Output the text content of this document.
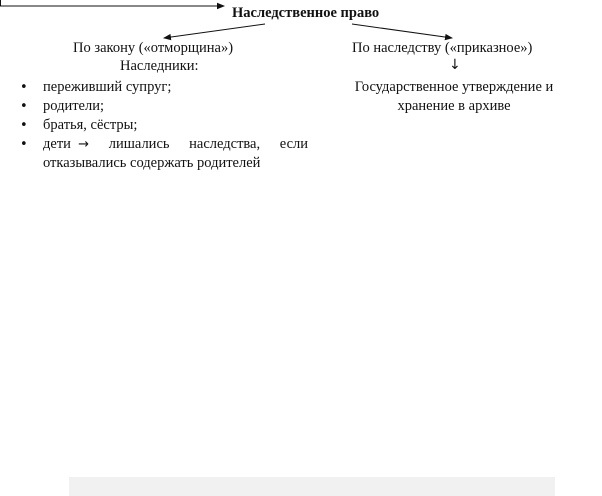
Наследственное право
По закону («отморщина»)
Наследники:
• переживший супруг;
• родители;
• братья, сёстры;
• дети → лишались наследства, если
отказывались содержать родителей
По наследству («приказное»)
↓
Государственное утверждение и хранение в архиве
